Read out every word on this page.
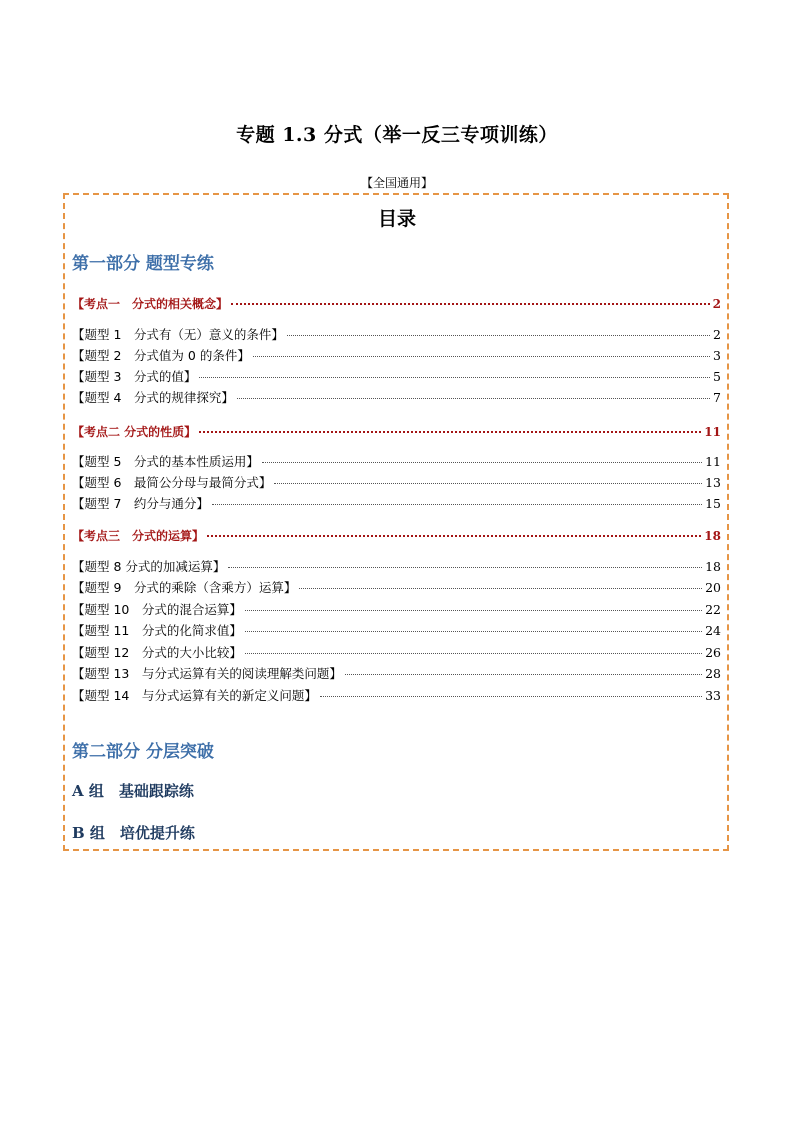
专题 1.3 分式（举一反三专项训练）
【全国通用】
目录
第一部分 题型专练
【考点一　分式的相关概念】	2
【题型 1　分式有（无）意义的条件】	2
【题型 2　分式值为 0 的条件】	3
【题型 3　分式的值】	5
【题型 4　分式的规律探究】	7
【考点二 分式的性质】	11
【题型 5　分式的基本性质运用】	11
【题型 6　最简公分母与最简分式】	13
【题型 7　约分与通分】	15
【考点三　分式的运算】	18
【题型 8 分式的加减运算】	18
【题型 9　分式的乘除（含乘方）运算】	20
【题型 10　分式的混合运算】	22
【题型 11　分式的化简求值】	24
【题型 12　分式的大小比较】	26
【题型 13　与分式运算有关的阅读理解类问题】	28
【题型 14　与分式运算有关的新定义问题】	33
第二部分 分层突破
A 组　基础跟踪练
B 组　培优提升练
